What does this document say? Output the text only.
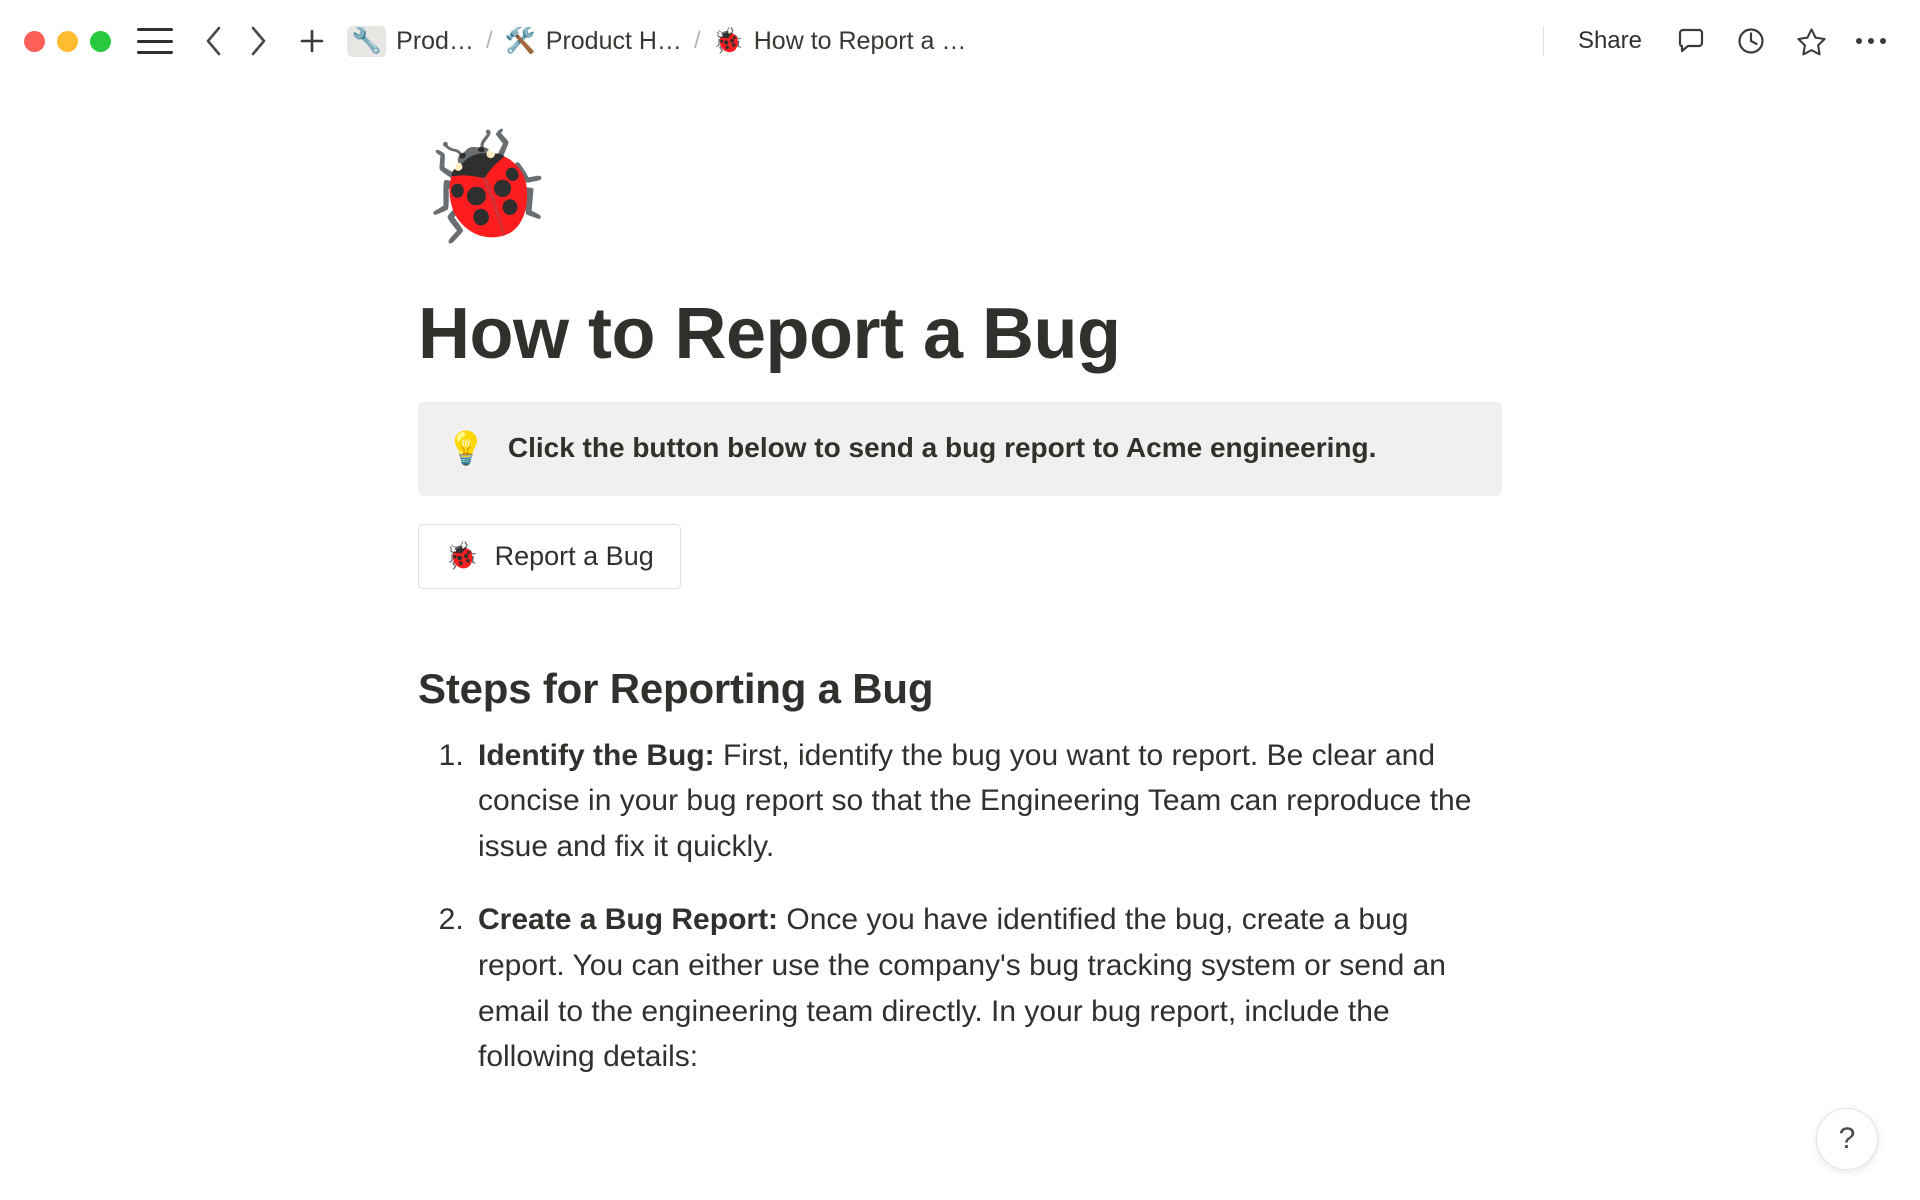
🔧 Prod… / 🛠️ Product H… / 🐞 How to Report a …	Share
🐞
How to Report a Bug
💡 Click the button below to send a bug report to Acme engineering.
🐞 Report a Bug
Steps for Reporting a Bug
1. Identify the Bug: First, identify the bug you want to report. Be clear and concise in your bug report so that the Engineering Team can reproduce the issue and fix it quickly.
2. Create a Bug Report: Once you have identified the bug, create a bug report. You can either use the company's bug tracking system or send an email to the engineering team directly. In your bug report, include the following details:
?
